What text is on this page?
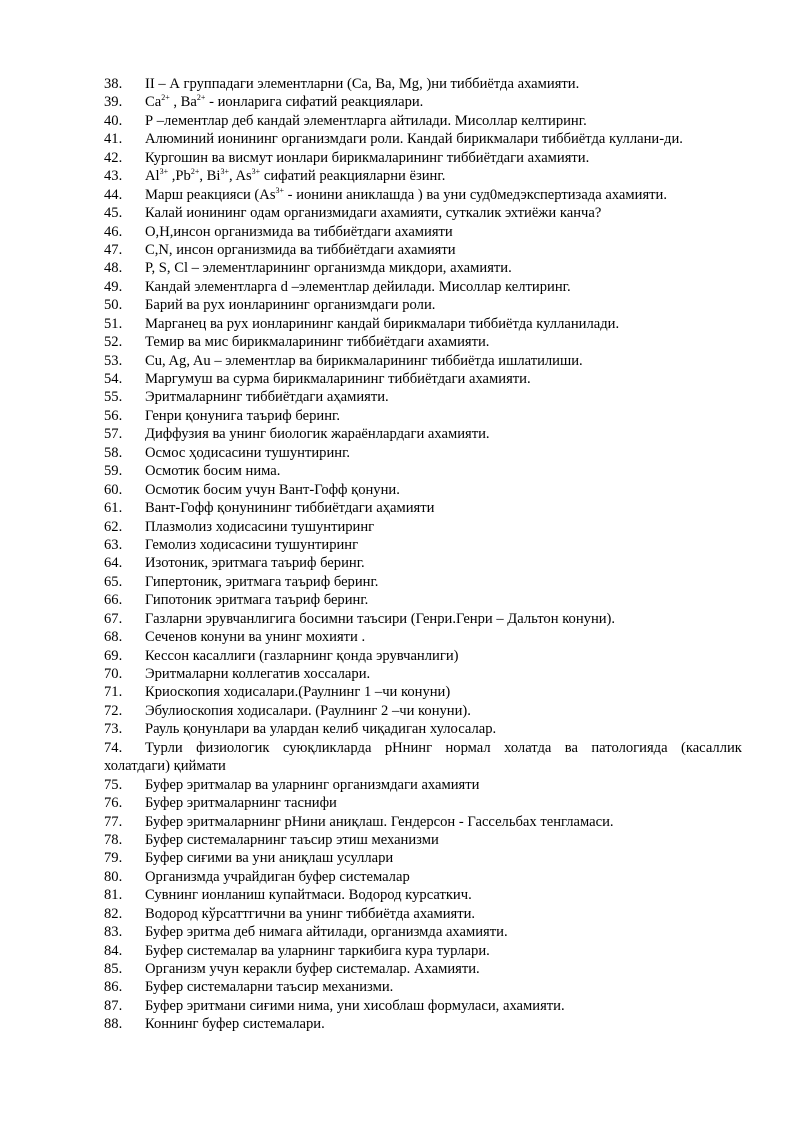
38.	II – А группадаги элементларни (Ca, Ba, Mg, )ни тиббиётда ахамияти.
39.	$Ca^{2+}$ , $Ba^{2+}$ - ионларига сифатий реакциялари.
40.	Р –лементлар деб кандай элементларга айтилади. Мисоллар келтиринг.
41.	Алюминий ионининг организмдаги роли. Кандай бирикмалари тиббиётда куллани-ди.
42.	Кургошин ва висмут ионлари бирикмаларининг тиббиётдаги ахамияти.
43.	$Al^{3+}$ $,Pb^{2+}$, $Bi^{3+}$, $As^{3+}$ сифатий реакцияларни ёзинг.
44.	Марш реакцияси ($As^{3+}$ - ионини аниклашда ) ва уни суд0медэкспертизада ахамияти.
45.	Калай ионининг одам организмидаги ахамияти, суткалик эхтиёжи канча?
46.	O,H,инсон организмида ва тиббиётдаги ахамияти
47.	C,N, инсон организмида ва тиббиётдаги ахамияти
48.	P, S, Cl – элементларининг организмда микдори, ахамияти.
49.	Кандай элементларга d –элементлар дейилади. Мисоллар келтиринг.
50.	Барий ва рух ионларининг организмдаги роли.
51.	Марганец ва рух ионларининг кандай бирикмалари тиббиётда кулланилади.
52.	Темир ва мис бирикмаларининг тиббиётдаги ахамияти.
53.	Cu, Ag, Au – элементлар ва бирикмаларининг тиббиётда ишлатилиши.
54.	Маргумуш ва сурма бирикмаларининг тиббиётдаги ахамияти.
55.	Эритмаларнинг тиббиётдаги аҳамияти.
56.	Генри қонунига таъриф беринг.
57.	Диффузия ва унинг биологик жараёнлардаги ахамияти.
58.	Осмос ҳодисасини тушунтиринг.
59.	Осмотик босим нима.
60.	Осмотик босим учун Вант-Гофф қонуни.
61.	Вант-Гофф қонунининг тиббиётдаги аҳамияти
62.	Плазмолиз ходисасини тушунтиринг
63.	Гемолиз ходисасини тушунтиринг
64.	Изотоник, эритмага таъриф беринг.
65.	Гипертоник, эритмага таъриф беринг.
66.	Гипотоник эритмага таъриф беринг.
67.	Газларни эрувчанлигига босимни таъсири (Генри.Генри – Дальтон конуни).
68.	Сеченов конуни ва унинг мохияти .
69.	Кессон касаллиги (газларнинг қонда эрувчанлиги)
70.	Эритмаларни коллегатив хоссалари.
71.	Криоскопия ходисалари.(Раулнинг 1 –чи конуни)
72.	Эбулиоскопия ходисалари. (Раулнинг 2 –чи конуни).
73.	Рауль қонунлари ва улардан келиб чиқадиган хулосалар.
74. Турли физиологик суюқликларда рНнинг нормал холатда ва патологияда (касаллик
холатдаги) қиймати
75.	Буфер эритмалар ва уларнинг организмдаги ахамияти
76.	Буфер эритмаларнинг таснифи
77.	Буфер эритмаларнинг рНини аниқлаш. Гендерсон - Гассельбах тенгламаси.
78.	Буфер системаларнинг таъсир этиш механизми
79.	Буфер сиғими ва уни аниқлаш усуллари
80.	Организмда учрайдиган буфер системалар
81.	Сувнинг ионланиш купайтмаси. Водород курсаткич.
82.	Водород кўрсаттгични ва унинг тиббиётда ахамияти.
83.	Буфер эритма деб нимага айтилади, организмда ахамияти.
84.	Буфер системалар ва уларнинг таркибига кура турлари.
85.	Организм учун керакли буфер системалар. Ахамияти.
86.	Буфер системаларни таъсир механизми.
87.	Буфер эритмани сиғими нима, уни хисоблаш формуласи, ахамияти.
88.	Коннинг буфер системалари.
